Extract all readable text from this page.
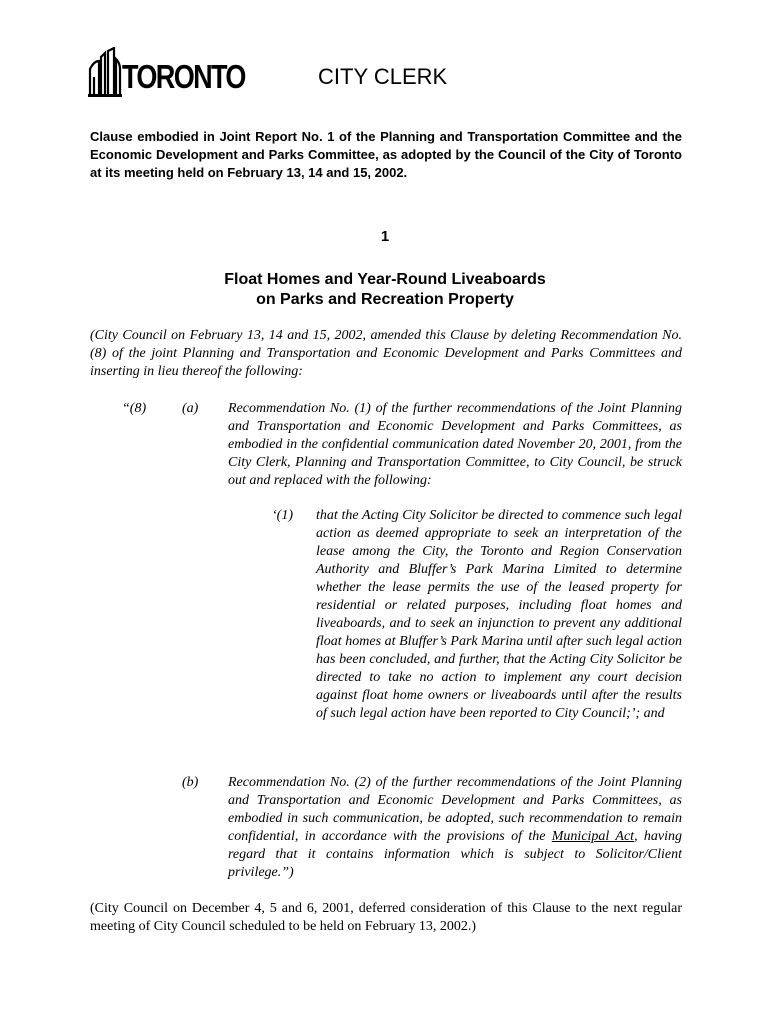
TORONTO	CITY CLERK
Clause embodied in Joint Report No. 1 of the Planning and Transportation Committee and the Economic Development and Parks Committee, as adopted by the Council of the City of Toronto at its meeting held on February 13, 14 and 15, 2002.
1
Float Homes and Year-Round Liveaboards
on Parks and Recreation Property
(City Council on February 13, 14 and 15, 2002, amended this Clause by deleting Recommendation No. (8) of the joint Planning and Transportation and Economic Development and Parks Committees and inserting in lieu thereof the following:
“(8)	(a) Recommendation No. (1) of the further recommendations of the Joint Planning and Transportation and Economic Development and Parks Committees, as embodied in the confidential communication dated November 20, 2001, from the City Clerk, Planning and Transportation Committee, to City Council, be struck out and replaced with the following:
‘(1) that the Acting City Solicitor be directed to commence such legal action as deemed appropriate to seek an interpretation of the lease among the City, the Toronto and Region Conservation Authority and Bluffer’s Park Marina Limited to determine whether the lease permits the use of the leased property for residential or related purposes, including float homes and liveaboards, and to seek an injunction to prevent any additional float homes at Bluffer’s Park Marina until after such legal action has been concluded, and further, that the Acting City Solicitor be directed to take no action to implement any court decision against float home owners or liveaboards until after the results of such legal action have been reported to City Council;’; and
(b) Recommendation No. (2) of the further recommendations of the Joint Planning and Transportation and Economic Development and Parks Committees, as embodied in such communication, be adopted, such recommendation to remain confidential, in accordance with the provisions of the Municipal Act, having regard that it contains information which is subject to Solicitor/Client privilege.”)
(City Council on December 4, 5 and 6, 2001, deferred consideration of this Clause to the next regular meeting of City Council scheduled to be held on February 13, 2002.)
